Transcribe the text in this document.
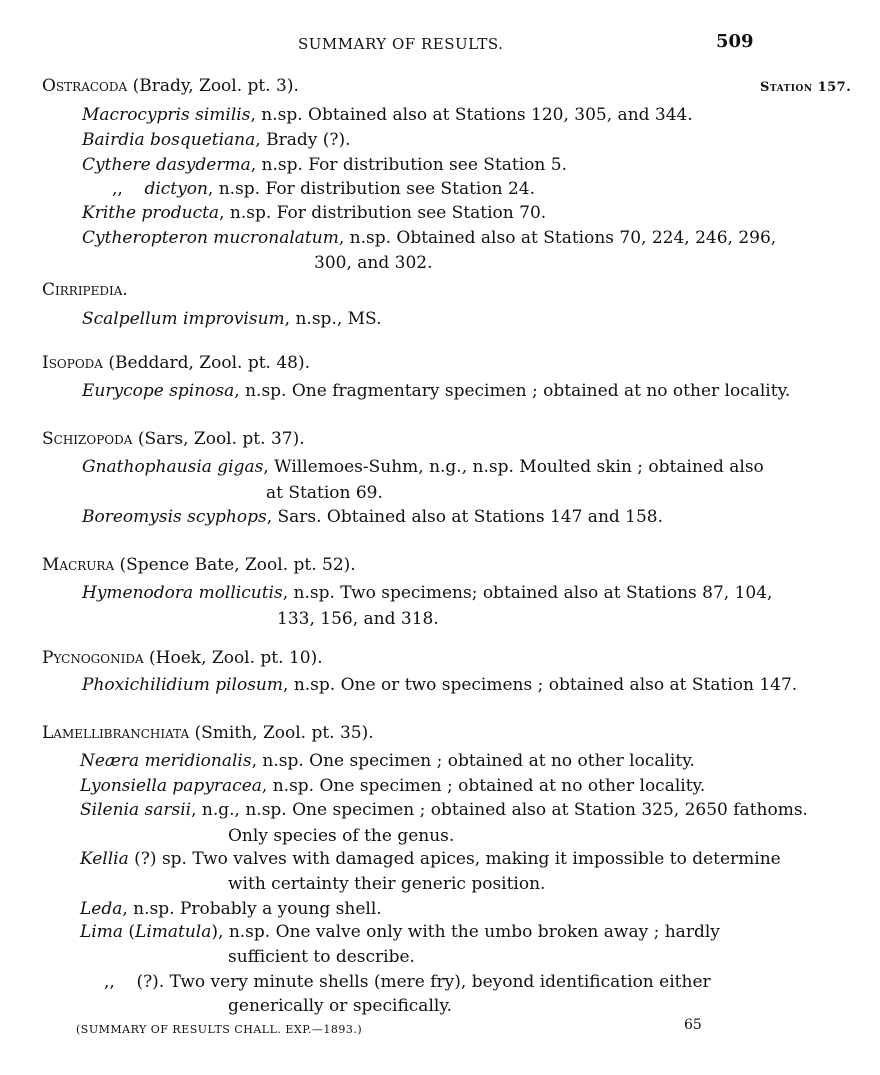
SUMMARY OF RESULTS.	509
Station 157.
Ostracoda (Brady, Zool. pt. 3).
Macrocypris similis, n.sp. Obtained also at Stations 120, 305, and 344.
Bairdia bosquetiana, Brady (?).
Cythere dasyderma, n.sp. For distribution see Station 5.
,, dictyon, n.sp. For distribution see Station 24.
Krithe producta, n.sp. For distribution see Station 70.
Cytheropteron mucronalatum, n.sp. Obtained also at Stations 70, 224, 246, 296,
300, and 302.
Cirripedia.
Scalpellum improvisum, n.sp., MS.
Isopoda (Beddard, Zool. pt. 48).
Eurycope spinosa, n.sp. One fragmentary specimen ; obtained at no other locality.
Schizopoda (Sars, Zool. pt. 37).
Gnathophausia gigas, Willemoes-Suhm, n.g., n.sp. Moulted skin ; obtained also
at Station 69.
Boreomysis scyphops, Sars. Obtained also at Stations 147 and 158.
Macrura (Spence Bate, Zool. pt. 52).
Hymenodora mollicutis, n.sp. Two specimens; obtained also at Stations 87, 104,
133, 156, and 318.
Pycnogonida (Hoek, Zool. pt. 10).
Phoxichilidium pilosum, n.sp. One or two specimens ; obtained also at Station 147.
Lamellibranchiata (Smith, Zool. pt. 35).
Neæra meridionalis, n.sp. One specimen ; obtained at no other locality.
Lyonsiella papyracea, n.sp. One specimen ; obtained at no other locality.
Silenia sarsii, n.g., n.sp. One specimen ; obtained also at Station 325, 2650 fathoms.
Only species of the genus.
Kellia (?) sp. Two valves with damaged apices, making it impossible to determine
with certainty their generic position.
Leda, n.sp. Probably a young shell.
Lima (Limatula), n.sp. One valve only with the umbo broken away ; hardly
sufficient to describe.
,, (?). Two very minute shells (mere fry), beyond identification either
generically or specifically.
(SUMMARY OF RESULTS CHALL. EXP.—1893.)	65
